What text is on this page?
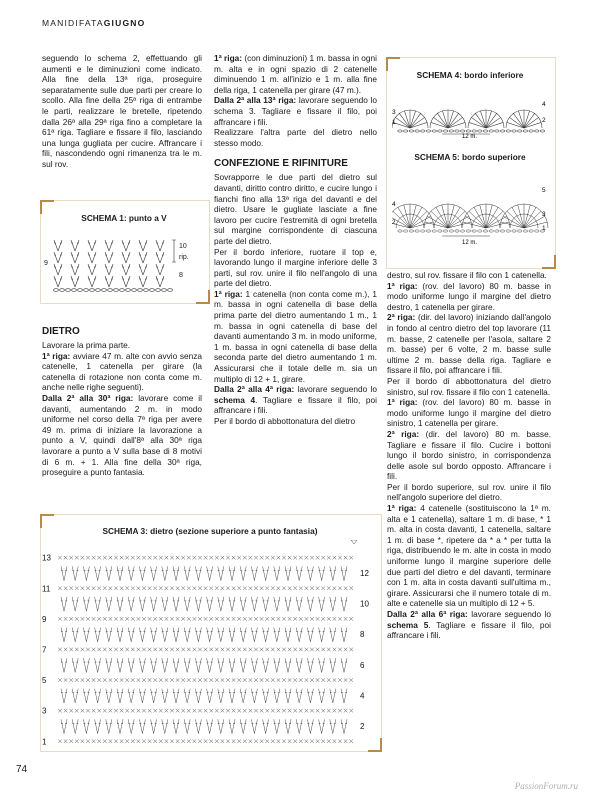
MANIDIFATAGIUGNO

seguendo lo schema 2, effettuando gli aumenti e le diminuzioni come indicato. Alla fine della 13ª riga, proseguire separatamente sulle due parti per creare lo scollo. Alla fine della 25ª riga di entrambe le parti, realizzare le bretelle, ripetendo dalla 26ª alla 29ª riga fino a completare la 61ª riga. Tagliare e fissare il filo, lasciando una lunga gugliata per cucire. Affrancare i fili, nascondendo ogni rimanenza tra le m. sul rov.

SCHEMA 1: punto a V
9
10
rip.
8
DIETRO

Lavorare la prima parte.

1ª riga: avviare 47 m. alte con avvio senza catenelle, 1 catenella per girare (la catenella di rotazione non conta come m. anche nelle righe seguenti).

Dalla 2ª alla 30ª riga: lavorare come il davanti, aumentando 2 m. in modo uniforme nel corso della 7ª riga per avere 49 m. prima di iniziare la lavorazione a punto a V, quindi dall'8ª alla 30ª riga lavorare a punto a V sulla base di 8 motivi di 6 m. + 1. Alla fine della 30ª riga, proseguire a punto fantasia.

1ª riga: (con diminuzioni) 1 m. bassa in ogni m. alta e in ogni spazio di 2 catenelle diminuendo 1 m. all'inizio e 1 m. alla fine della riga, 1 catenella per girare (47 m.).

Dalla 2ª alla 13ª riga: lavorare seguendo lo schema 3. Tagliare e fissare il filo, poi affrancare i fili.

Realizzare l'altra parte del dietro nello stesso modo.

CONFEZIONE E RIFINITURE

Sovrapporre le due parti del dietro sul davanti, diritto contro diritto, e cucire lungo i fianchi fino alla 13ª riga del davanti e del dietro. Usare le gugliate lasciate a fine lavoro per cucire l'estremità di ogni bretella sul margine corrispondente di ciascuna parte del dietro.

Per il bordo inferiore, ruotare il top e, lavorando lungo il margine inferiore delle 3 parti, sul rov. unire il filo nell'angolo di una parte del dietro.

1ª riga: 1 catenella (non conta come m.), 1 m. bassa in ogni catenella di base della prima parte del dietro aumentando 1 m., 1 m. bassa in ogni catenella di base del davanti aumentando 3 m. in modo uniforme, 1 m. bassa in ogni catenella di base della seconda parte del dietro aumentando 1 m. Assicurarsi che il totale delle m. sia un multiplo di 12 + 1, girare.

Dalla 2ª alla 4ª riga: lavorare seguendo lo schema 4. Tagliare e fissare il filo, poi affrancare i fili.

Per il bordo di abbottonatura del dietro

SCHEMA 4: bordo inferiore
4
3
2
1
12 m.
SCHEMA 5: bordo superiore
5
4
3
2
1
12 m.

destro, sul rov. fissare il filo con 1 catenella.

1ª riga: (rov. del lavoro) 80 m. basse in modo uniforme lungo il margine del dietro destro, 1 catenella per girare.

2ª riga: (dir. del lavoro) iniziando dall'angolo in fondo al centro dietro del top lavorare (11 m. basse, 2 catenelle per l'asola, saltare 2 m. basse) per 6 volte, 2 m. basse sulle ultime 2 m. basse della riga. Tagliare e fissare il filo, poi affrancare i fili.

Per il bordo di abbottonatura del dietro sinistro, sul rov. fissare il filo con 1 catenella.

1ª riga: (rov. del lavoro) 80 m. basse in modo uniforme lungo il margine del dietro sinistro, 1 catenella per girare.

2ª riga: (dir. del lavoro) 80 m. basse. Tagliare e fissare il filo. Cucire i bottoni lungo il bordo sinistro, in corrispondenza delle asole sul bordo opposto. Affrancare i fili.

Per il bordo superiore, sul rov. unire il filo nell'angolo superiore del dietro.

1ª riga: 4 catenelle (sostituiscono la 1ª m. alta e 1 catenella), saltare 1 m. di base, * 1 m. alta in costa davanti, 1 catenella, saltare 1 m. di base *, ripetere da * a * per tutta la riga, distribuendo le m. alte in costa in modo uniforme lungo il margine superiore delle due parti del dietro e del davanti, terminare con 1 m. alta in costa davanti sull'ultima m., girare. Assicurarsi che il numero totale di m. alte e catenelle sia un multiplo di 12 + 5.

Dalla 2ª alla 6ª riga: lavorare seguendo lo schema 5. Tagliare e fissare il filo, poi affrancare i fili.

SCHEMA 3: dietro (sezione superiore a punto fantasia)
13
11
9
7
5
3
1
12
10
8
6
4
2
74
PassionForum.ru
